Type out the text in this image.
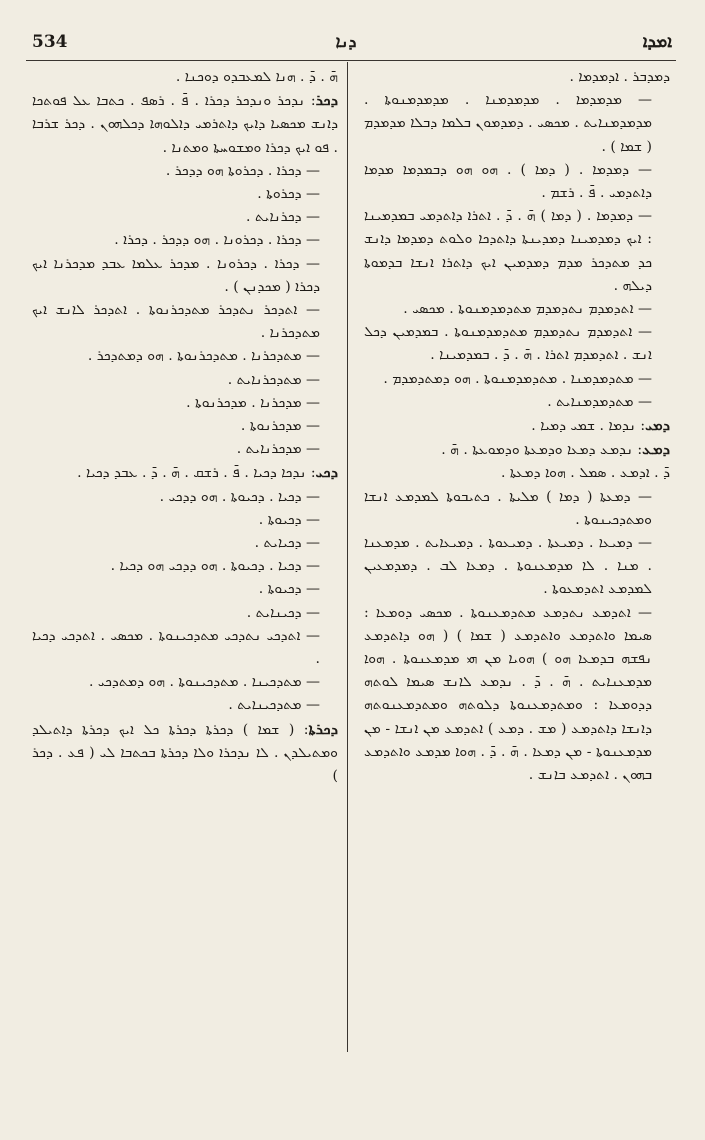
534	ܕܢܐ	ܐܡܕܐ

ܗ̄ . ܕ̄ . ܗܢܐ ܠܡܥܒܕܘ ܕܘܟܢܐ .

ܕܟܪ: ܢܕܟܪ ܘܢܕܟܪ ܕܟܪܐ . ܦ̄ . ܪܣܦ . ܟܬܒܐ ܥܠ ܦܘܬܟܐ ܕܐܢܫ ܡܟܣܝܐ ܕܐܝܟ ܕܐܬܪܡܝ ܕܐܠܘܗܐ ܕܟܠܗܘܢ . ܕܟܪ ܫܪܒܐ . ܦܘ ܐܝܟ ܕܟܪܐ ܘܡܫܘܚܬܐ ܘܡܬܢܐ .

— ܕܟܪܐ . ܕܟܪܘܬܐ ܗܘ ܕܕܟܪ .

— ܕܟܪܘܬܐ .

— ܕܟܪܢܐܝܬ .

— ܕܟܪܐ . ܕܟܪܘܢܐ . ܗܘ ܕܕܟܪ . ܕܟܪܐ .

— ܕܟܪܐ . ܕܟܪܘܢܐ . ܡܕܟܪ ܥܠܡܐ ܥܒܕ ܡܕܟܪܢܐ ܐܝܟ ܕܟܪܐ ( ܡܟܕܢܢ ) .

— ܐܬܕܟܪ ܢܬܕܟܪ ܡܬܕܟܪܢܘܬܐ . ܐܬܕܟܪ ܠܐܢܫ ܐܝܟ ܡܬܕܟܪܢܐ .

— ܡܬܕܟܪܢܐ . ܡܬܕܟܪܢܘܬܐ . ܗܘ ܕܡܬܕܟܪ .

— ܡܬܕܟܪܢܐܝܬ .

— ܡܕܟܪܢܐ . ܡܕܟܪܢܘܬܐ .

— ܡܕܟܪܢܘܬܐ .

— ܡܕܟܪܢܐܝܬ .

ܕܟܝ: ܢܕܟܐ ܕܟܝܐ . ܦ̄ . ܪܫܩ . ܗ̄ . ܕ̄ . ܥܒܕ ܕܟܝܐ .

— ܕܟܝܐ . ܕܟܝܘܬܐ . ܗܘ ܕܕܟܝ .

— ܕܟܝܘܬܐ .

— ܕܟܝܐܝܬ .

— ܕܟܝܐ . ܕܟܝܘܬܐ . ܗܘ ܕܕܟܝ ܗܘ ܕܟܝܐ .

— ܕܟܝܘܬܐ .

— ܕܟܝܢܐܝܬ .

— ܐܬܕܟܝ ܢܬܕܟܝ ܡܬܕܟܝܢܘܬܐ . ܡܟܣܝ . ܐܬܕܟܝ ܕܟܝܐ .

— ܡܬܕܟܝܢܐ . ܡܬܕܟܝܢܘܬܐ . ܗܘ ܕܡܬܕܟܝ .

— ܡܬܕܟܝܢܐܝܬ .

ܕܟܪܬܐ: ( ܫܡܐ ) ܕܟܪܬܐ ܕܟܪܬܐ ܟܠ ܐܝܟ ܕܟܪܬܐ ܕܐܬܝܠܕ ܘܡܬܝܠܕܢ . ܠܐ ܢܕܟܪܐ ܘܠܐ ܕܟܪܬܐ ܒܟܬܒܐ ܠܝ ( ܦܥ . ܕܟܪ )

ܕܡܕܒܪ . ܐܕܡܕܡܐ .

— ܡܕܡܕܡܐ . ܡܕܡܕܡܢܐ . ܡܕܡܕܡܢܘܬܐ . ܡܕܡܕܡܢܐܝܬ . ܡܟܣܝ . ܕܡܕܡܘܢ ܒܠܡܐ ܕܒܠܐ ܡܕܡܕܡ ( ܫܡܐ ) .

— ܕܡܕܡܐ . ( ܕܡܐ ) . ܗܘ ܗܘ ܕܒܡܕܡܐ ܡܕܡܐ ܕܐܬܕܡܝ . ܦ̄ . ܪܫܡ .

— ܕܡܕܡܐ . ( ܕܡܐ ) ܗ̄ . ܕ̄ . ܐܬܪܐ ܕܐܬܕܡܝ ܒܡܕܡܝܢܐ : ܐܝܟ ܕܡܕܡܝܢܐ ܕܡܕܝܢܬܐ ܕܐܬܕܟܐ ܘܠܘܬ ܕܡܕܡܐ ܕܐܢܫ ܟܕ ܡܬܕܟܪ ܡܕܡ ܕܡܕܡܝܢ ܐܝܟ ܕܐܬܪܐ ܐܢܫܐ ܒܕܡܘܬܐ ܕܝܠܗ .

— ܐܬܕܡܕܡ ܢܬܕܡܕܡ ܡܬܕܡܕܡܢܘܬܐ . ܡܟܣܝ .

— ܐܬܕܡܕܡ ܢܬܕܡܕܡ ܡܬܕܡܕܡܢܘܬܐ . ܒܡܕܡܝܢ ܕܟܠ ܐܢܫ . ܐܬܕܡܕܡ ܐܬܪܐ . ܗ̄ . ܕ̄ . ܒܡܕܡܝܢܐ .

— ܡܬܕܡܕܡܢܐ . ܡܬܕܡܕܡܢܘܬܐ . ܗܘ ܕܡܬܕܡܕܡ .

— ܡܬܕܡܕܡܢܐܝܬ .

ܕܡܝ: ܢܕܡܐ . ܫܡܝ ܕܡܝܐ .

ܕܡܥ: ܢܕܡܥ ܕܡܥܐ ܘܕܡܥܬܐ ܘܕܡܘܥܬܐ . ܗ̄ .

ܕ̄ . ܐܕܡܥ . ܣܡܠ . ܗܘܐ ܕܡܥܬܐ .

— ܕܡܥܬܐ ( ܕܡܐ ) ܡܠܝܬܐ . ܟܬܝܒܘܬܐ ܠܡܕܡܥ ܐܢܫܐ ܘܡܬܕܟܝܢܘܬܐ .

— ܕܡܝܥܐ . ܕܡܝܥܬܐ . ܕܡܝܥܘܬܐ . ܕܡܝܥܐܝܬ . ܡܕܡܥܢܐ . ܡܢܐ . ܠܐ ܡܕܡܥܢܘܬܐ . ܕܡܥܐ ܠܒ . ܕܡܕܡܥܝܢ ܠܡܕܡܥ ܐܬܕܡܥܘܬܐ .

— ܐܬܕܡܥ ܢܬܕܡܥ ܡܬܕܡܥܢܘܬܐ . ܡܟܣܝ ܕܘܡܥܐ : ܣܝܡܐ ܘܐܬܕܡܥ ܘܐܬܕܡܥ ( ܫܡܐ ) ( ܗܘ ܕܐܬܕܡܥ ܢܦܫܗ ܒܕܡܥܐ ܗܘ ) ܗܘܝܐ ܡܢ ܗܝ ܡܕܡܥܢܘܬܐ . ܗܘܐ ܡܕܡܥܢܐܝܬ . ܗ̄ . ܕ̄ . ܢܕܡܥ ܠܐܢܫ ܣܝܡܐ ܠܘܬܗ ܕܕܘܡܥܐ : ܘܡܬܕܡܥܢܘܬܐ ܕܠܘܬܗ ܘܡܬܕܡܥܢܘܬܗ ܕܐܢܫܐ ܕܐܬܕܡܥ ( ܡܫ . ܕܡܥ ) ܐܬܕܡܥ ܡܢ ܐܢܫܐ - ܡܢ ܡܕܡܥܢܘܬܐ - ܡܢ ܕܡܥܐ . ܗ̄ . ܕ̄ . ܗܘܐ ܡܕܡܥ ܘܐܬܕܡܥ ܒܗܘܢ . ܐܬܕܡܥ ܒܐܢܫ .
